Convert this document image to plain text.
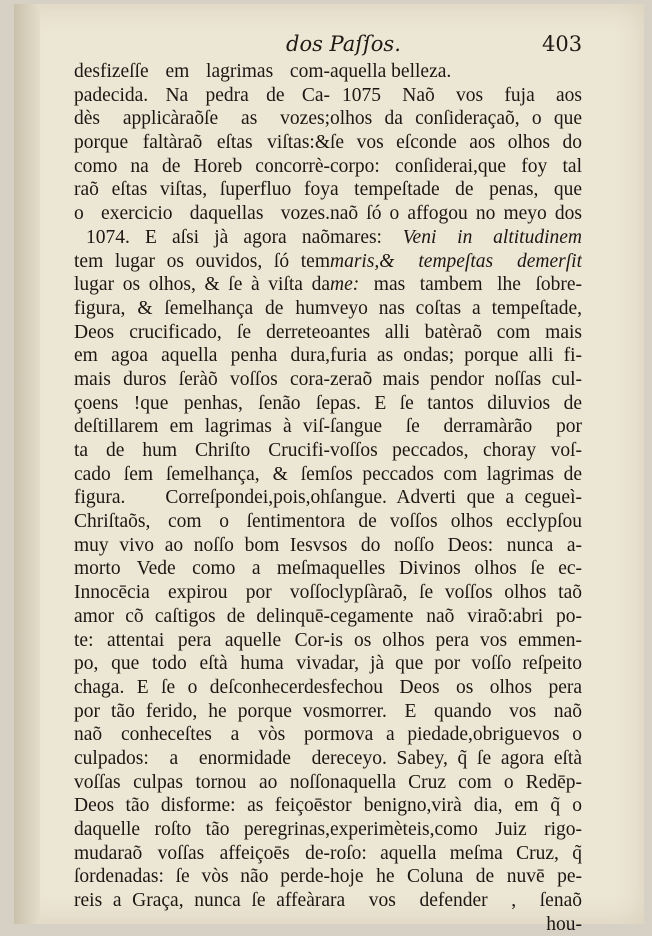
dos Paſſos.	403
desfizeſſe em lagrimas com-
padecida. Na pedra de Ca-
dès applicàraõſe as vozes;
porque faltàraõ eſtas viſtas:&
como na de Horeb concorrè-
raõ eſtas viſtas, ſuperfluo foy
o exercicio daquellas vozes.
1074. E aſsi jà agora naõ
tem lugar os ouvidos, ſó tem
lugar os olhos, & ſe à viſta da
figura, & ſemelhança de hum
Deos crucificado, ſe derreteo
em agoa aquella penha dura,
mais duros ſeràõ voſſos cora-
çoens !que penhas, ſenão ſe
deſtillarem em lagrimas à viſ-
ta de hum Chriſto Crucifi-
cado ſem ſemelhança, & ſem
figura. Correſpondei,pois,oh
Chriſtaõs, com o ſentimento
muy vivo ao noſſo bom Iesvs
morto Vede como a meſma
Innocēcia expirou por voſſo
amor cõ caſtigos de delinquē-
te: attentai pera aquelle Cor-
po, que todo eſtà huma viva
chaga. E ſe o deſconhecerdes
por tão ferido, he porque vos
naõ conheceſtes a vòs por
culpados: a enormidade de
voſſas culpas tornou ao noſſo
Deos tão disforme: as feiçoēs
daquelle roſto tão peregrinas,
mudaraõ voſſas affeiçoēs de-
ſordenadas: ſe vòs não perde-
reis a Graça, nunca ſe affeàra
aquella belleza.
1075 Naõ vos fuja aos
olhos da conſideraçaõ, o que
ſe vos eſconde aos olhos do
corpo: conſiderai,que foy tal
a tempeſtade de penas, que
naõ ſó o affogou no meyo dos
mares: Veni in altitudinem
maris,& tempeſtas demerſit
me: mas tambem lhe ſobre-
veyo nas coſtas a tempeſtade,
antes alli batèraõ com mais
furia as ondas; porque alli fi-
zeraõ mais pendor noſſas cul-
pas. E ſe tantos diluvios de
ſangue ſe derramàrão por
voſſos peccados, choray voſ-
ſos peccados com lagrimas de
ſangue. Adverti que a cegueì-
ra de voſſos olhos ecclypſou
os do noſſo Deos: nunca a-
quelles Divinos olhos ſe ec-
clypſàraõ, ſe voſſos olhos taõ
cegamente naõ viraõ:abri po-
is os olhos pera vos emmen-
dar, jà que por voſſo reſpeito
fechou Deos os olhos pera
morrer. E quando vos naõ
mova a piedade,obriguevos o
receyo. Sabey, q̃ ſe agora eſtà
naquella Cruz com o Redēp-
tor benigno,virà dia, em q̃ o
experimèteis,como Juiz rigo-
roſo: aquella meſma Cruz, q̃
hoje he Coluna de nuvē pe-
ra vos defender , ſenaõ
hou-
